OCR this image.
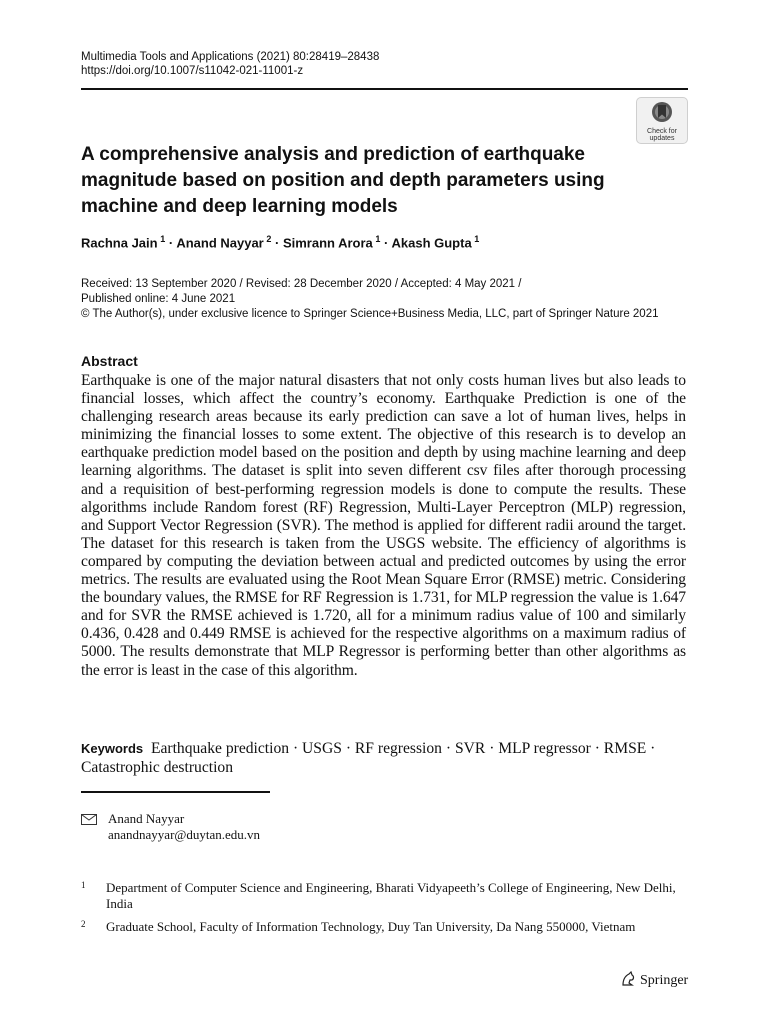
Multimedia Tools and Applications (2021) 80:28419–28438
https://doi.org/10.1007/s11042-021-11001-z
Check for
updates
A comprehensive analysis and prediction of earthquake magnitude based on position and depth parameters using machine and deep learning models
Rachna Jain  $^1$ · Anand Nayyar  $^2$ · Simrann Arora  $^1$ · Akash Gupta  $^1$
Received: 13 September 2020 / Revised: 28 December 2020 / Accepted: 4 May 2021 /
Published online: 4 June 2021
© The Author(s), under exclusive licence to Springer Science+Business Media, LLC, part of Springer Nature 2021
Abstract

Earthquake is one of the major natural disasters that not only costs human lives but also leads to financial losses, which affect the country’s economy. Earthquake Prediction is one of the challenging research areas because its early prediction can save a lot of human lives, helps in minimizing the financial losses to some extent. The objective of this research is to develop an earthquake prediction model based on the position and depth by using machine learning and deep learning algorithms. The dataset is split into seven different csv files after thorough processing and a requisition of best-performing regression models is done to compute the results. These algorithms include Random forest (RF) Regression, Multi-Layer Perceptron (MLP) regression, and Support Vector Regression (SVR). The method is applied for different radii around the target. The dataset for this research is taken from the USGS website. The efficiency of algorithms is compared by computing the deviation between actual and predicted outcomes by using the error metrics. The results are evaluated using the Root Mean Square Error (RMSE) metric. Considering the boundary values, the RMSE for RF Regression is 1.731, for MLP regression the value is 1.647 and for SVR the RMSE achieved is 1.720, all for a minimum radius value of 100 and similarly 0.436, 0.428 and 0.449 RMSE is achieved for the respective algorithms on a maximum radius of 5000. The results demonstrate that MLP Regressor is performing better than other algorithms as the error is least in the case of this algorithm.

Keywords Earthquake prediction · USGS · RF regression · SVR · MLP regressor · RMSE · Catastrophic destruction
Anand Nayyar
anandnayyar@duytan.edu.vn
1 Department of Computer Science and Engineering, Bharati Vidyapeeth’s College of Engineering, New Delhi, India
2 Graduate School, Faculty of Information Technology, Duy Tan University, Da Nang 550000, Vietnam
Springer
